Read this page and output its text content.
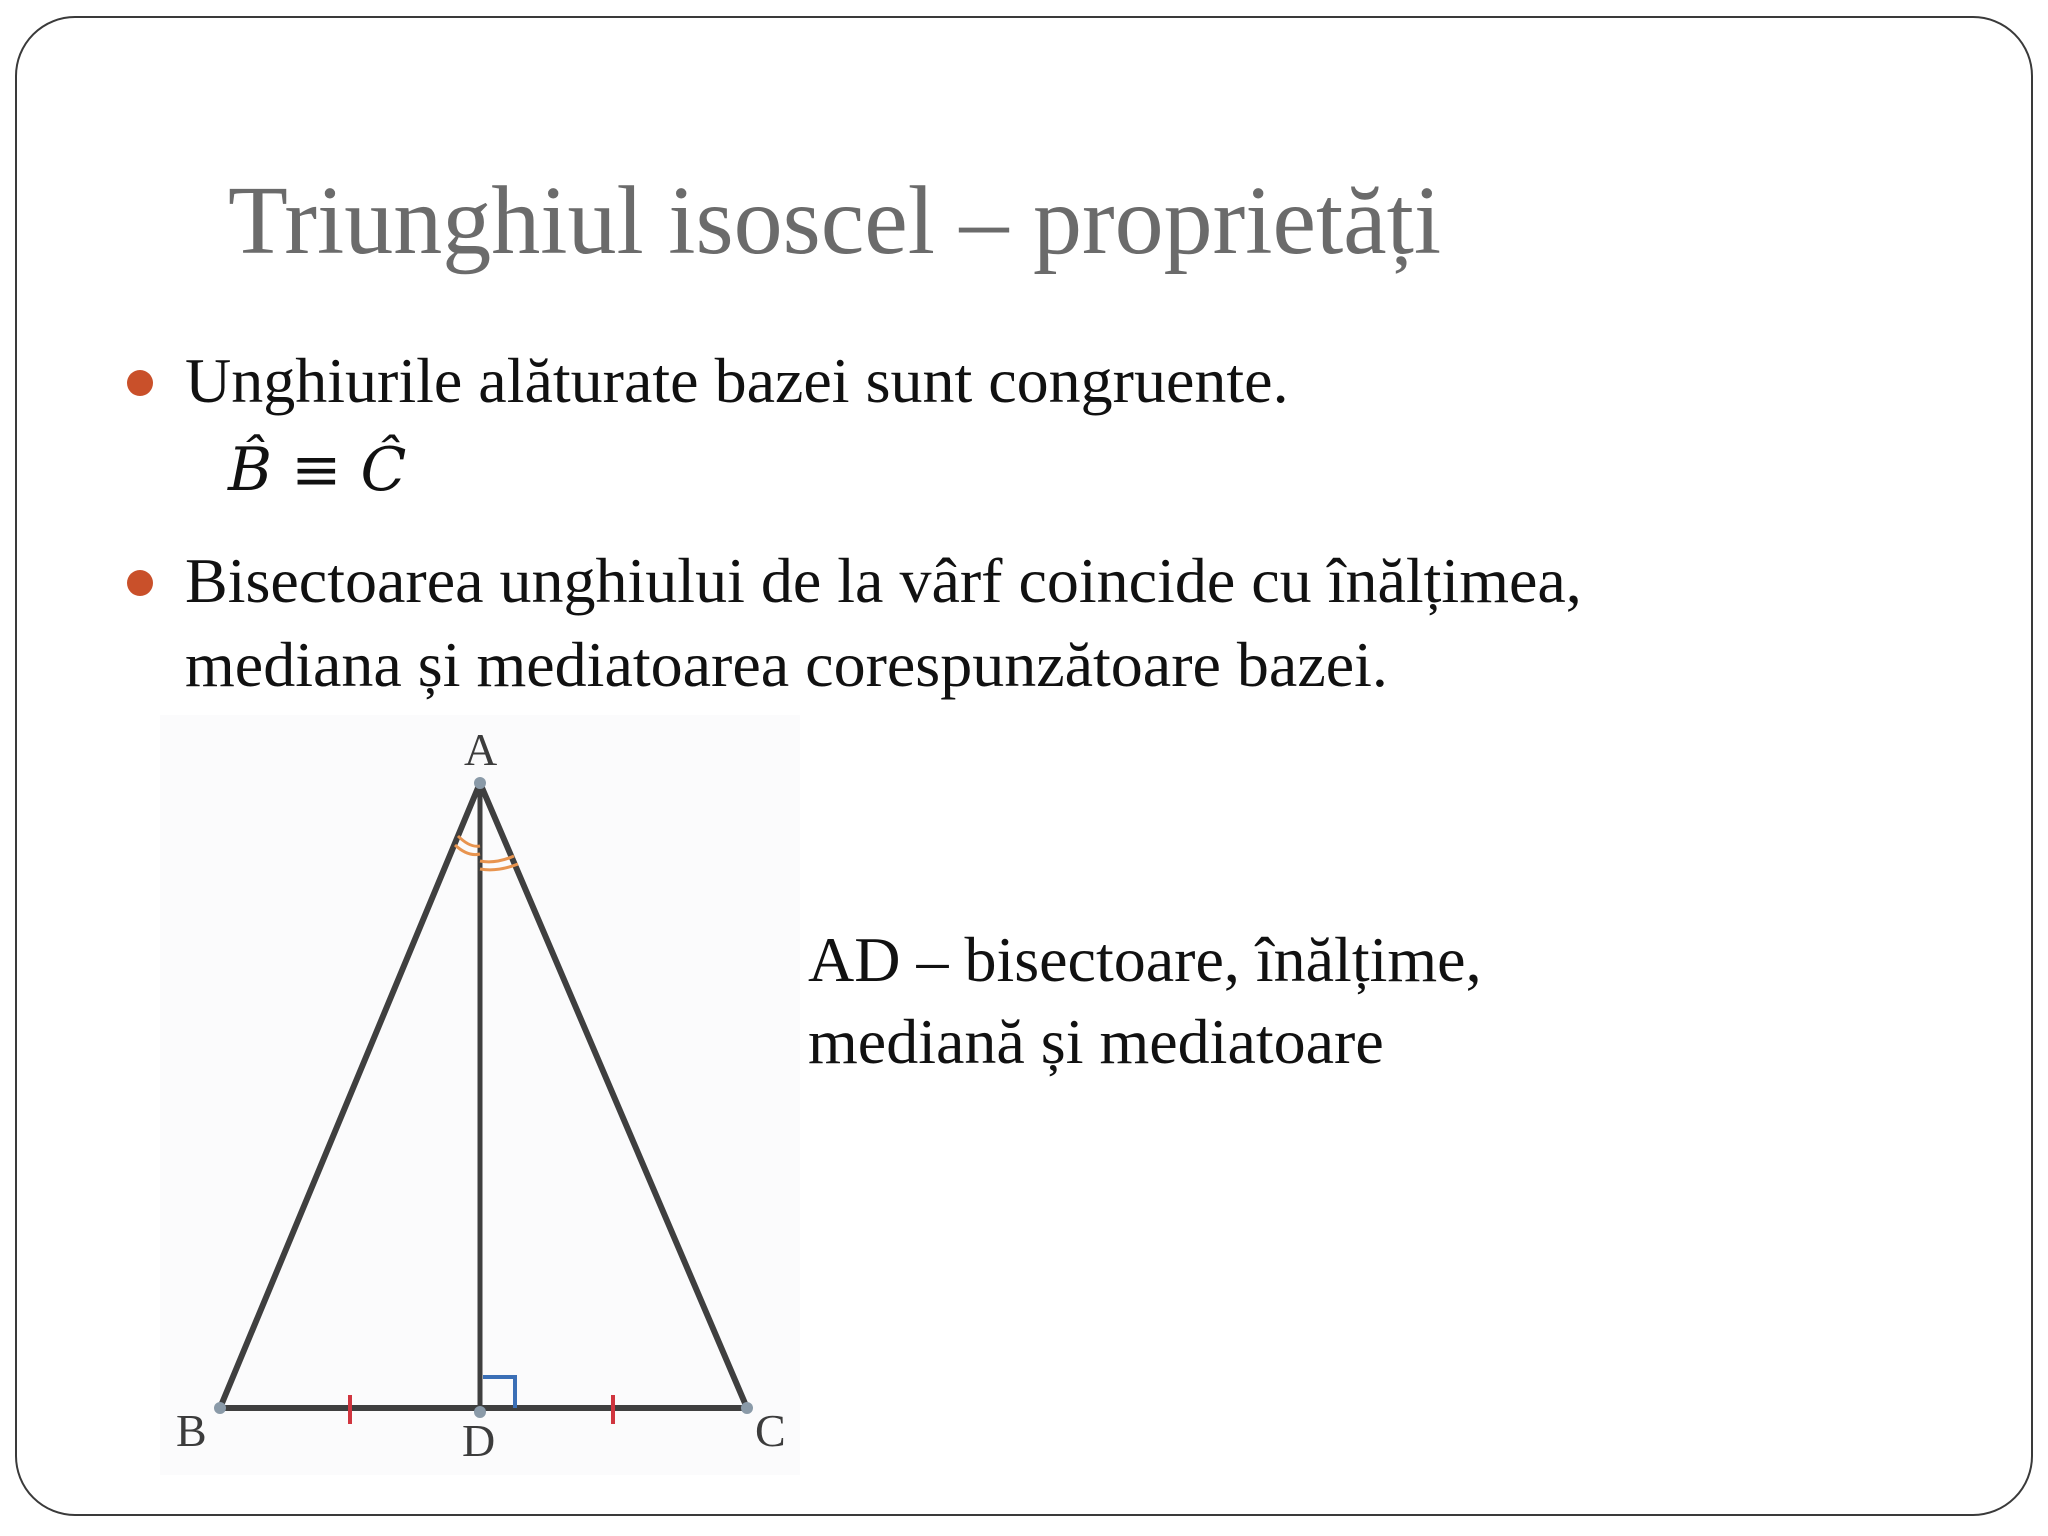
Triunghiul isoscel – proprietăți
Unghiurile alăturate bazei sunt congruente.
B̂ ≡ Ĉ
Bisectoarea unghiului de la vârf coincide cu înălțimea,
mediana și mediatoarea corespunzătoare bazei.
A
B	C
D
AD – bisectoare, înălțime,
mediană și mediatoare
